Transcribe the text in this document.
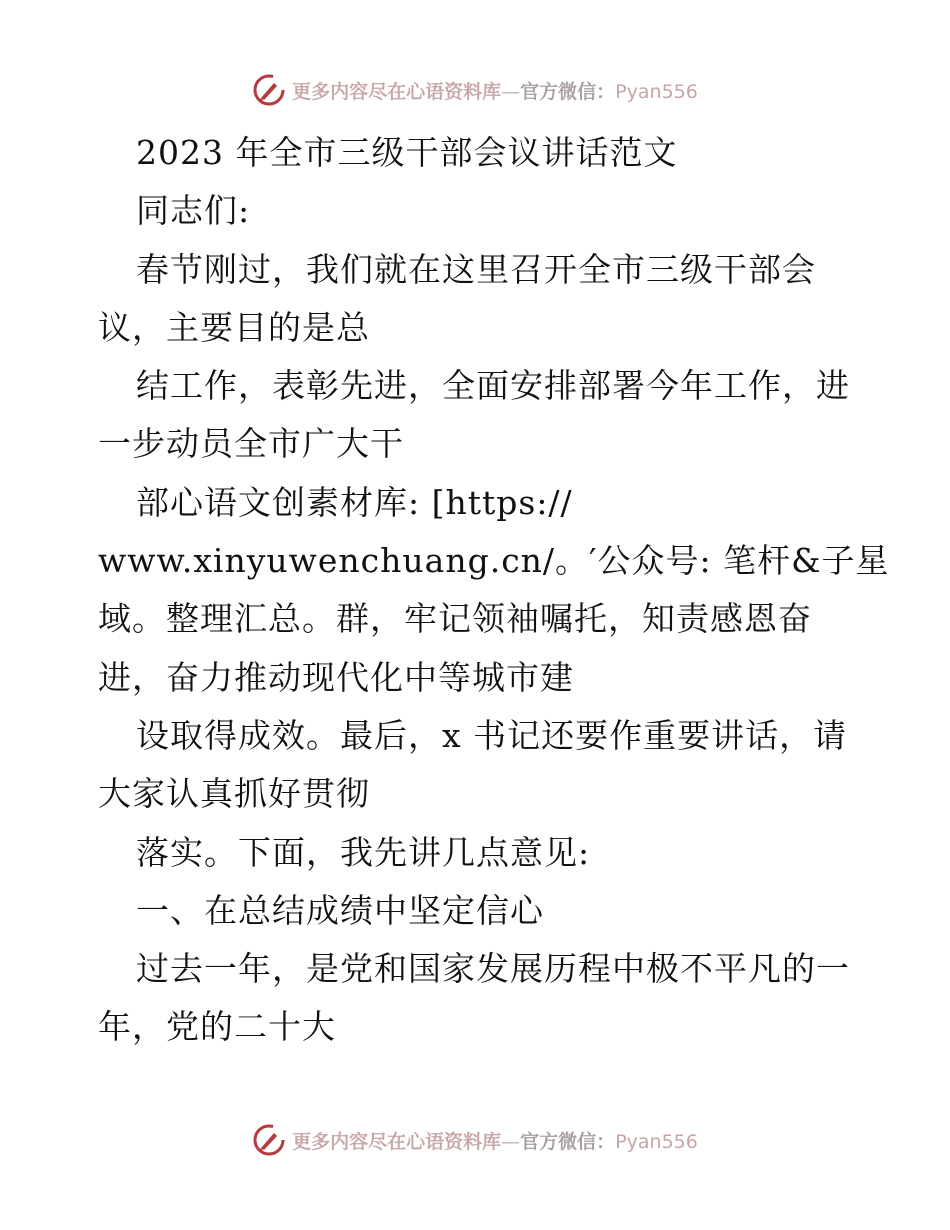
更多内容尽在心语资料库—官方微信：Pyan556
2023 年全市三级干部会议讲话范文
同志们:
春节刚过，我们就在这里召开全市三级干部会
议，主要目的是总
结工作，表彰先进，全面安排部署今年工作，进
一步动员全市广大干
部心语文创素材库: [https://
www.xinyuwenchuang.cn/。′公众号: 笔杆&子星
域。整理汇总。群，牢记领袖嘱托，知责感恩奋
进，奋力推动现代化中等城市建
设取得成效。最后，x 书记还要作重要讲话，请
大家认真抓好贯彻
落实。下面，我先讲几点意见:
一、在总结成绩中坚定信心
过去一年，是党和国家发展历程中极不平凡的一
年，党的二十大
更多内容尽在心语资料库—官方微信：Pyan556
